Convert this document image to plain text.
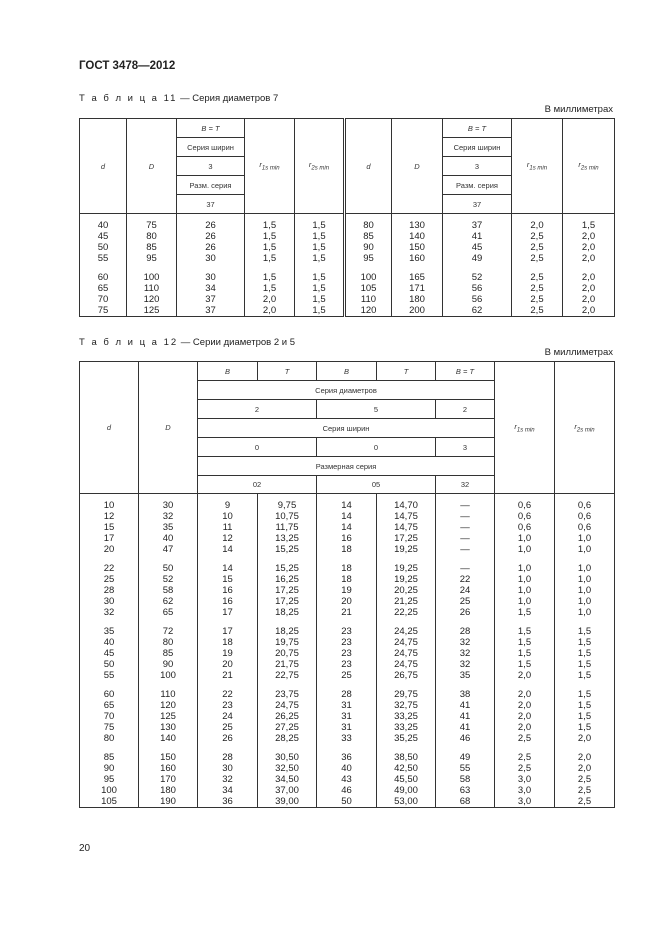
ГОСТ 3478—2012
Т а б л и ц а 11 — Серия диаметров 7
В миллиметрах
d	D	B = T	$r_{1s min}$	$r_{2s min}$	d	D	B = T	$r_{1s min}$	$r_{2s min}$
		Серия ширин					Серия ширин		
		3					3		
		Разм. серия					Разм. серия		
		37					37		
40	75	26	1,5	1,5	80	130	37	2,0	1,5
45	80	26	1,5	1,5	85	140	41	2,5	2,0
50	85	26	1,5	1,5	90	150	45	2,5	2,0
55	95	30	1,5	1,5	95	160	49	2,5	2,0

60	100	30	1,5	1,5	100	165	52	2,5	2,0
65	110	34	1,5	1,5	105	171	56	2,5	2,0
70	120	37	2,0	1,5	110	180	56	2,5	2,0
75	125	37	2,0	1,5	120	200	62	2,5	2,0
Т а б л и ц а 12 — Серии диаметров 2 и 5
В миллиметрах
d	D	B	T	B	T	B = T	$r_{1s min}$	$r_{2s min}$
		Серия диаметров						
		2		5		2		
		Серия ширин						
		0		0		3		
		Размерная серия						
		02		05		32		
10	30	9	9,75	14	14,70	—	0,6	0,6
12	32	10	10,75	14	14,75	—	0,6	0,6
15	35	11	11,75	14	14,75	—	0,6	0,6
17	40	12	13,25	16	17,25	—	1,0	1,0
20	47	14	15,25	18	19,25	—	1,0	1,0

22	50	14	15,25	18	19,25	—	1,0	1,0
25	52	15	16,25	18	19,25	22	1,0	1,0
28	58	16	17,25	19	20,25	24	1,0	1,0
30	62	16	17,25	20	21,25	25	1,0	1,0
32	65	17	18,25	21	22,25	26	1,5	1,0

35	72	17	18,25	23	24,25	28	1,5	1,5
40	80	18	19,75	23	24,75	32	1,5	1,5
45	85	19	20,75	23	24,75	32	1,5	1,5
50	90	20	21,75	23	24,75	32	1,5	1,5
55	100	21	22,75	25	26,75	35	2,0	1,5

60	110	22	23,75	28	29,75	38	2,0	1,5
65	120	23	24,75	31	32,75	41	2,0	1,5
70	125	24	26,25	31	33,25	41	2,0	1,5
75	130	25	27,25	31	33,25	41	2,0	1,5
80	140	26	28,25	33	35,25	46	2,5	2,0

85	150	28	30,50	36	38,50	49	2,5	2,0
90	160	30	32,50	40	42,50	55	2,5	2,0
95	170	32	34,50	43	45,50	58	3,0	2,5
100	180	34	37,00	46	49,00	63	3,0	2,5
105	190	36	39,00	50	53,00	68	3,0	2,5
20
